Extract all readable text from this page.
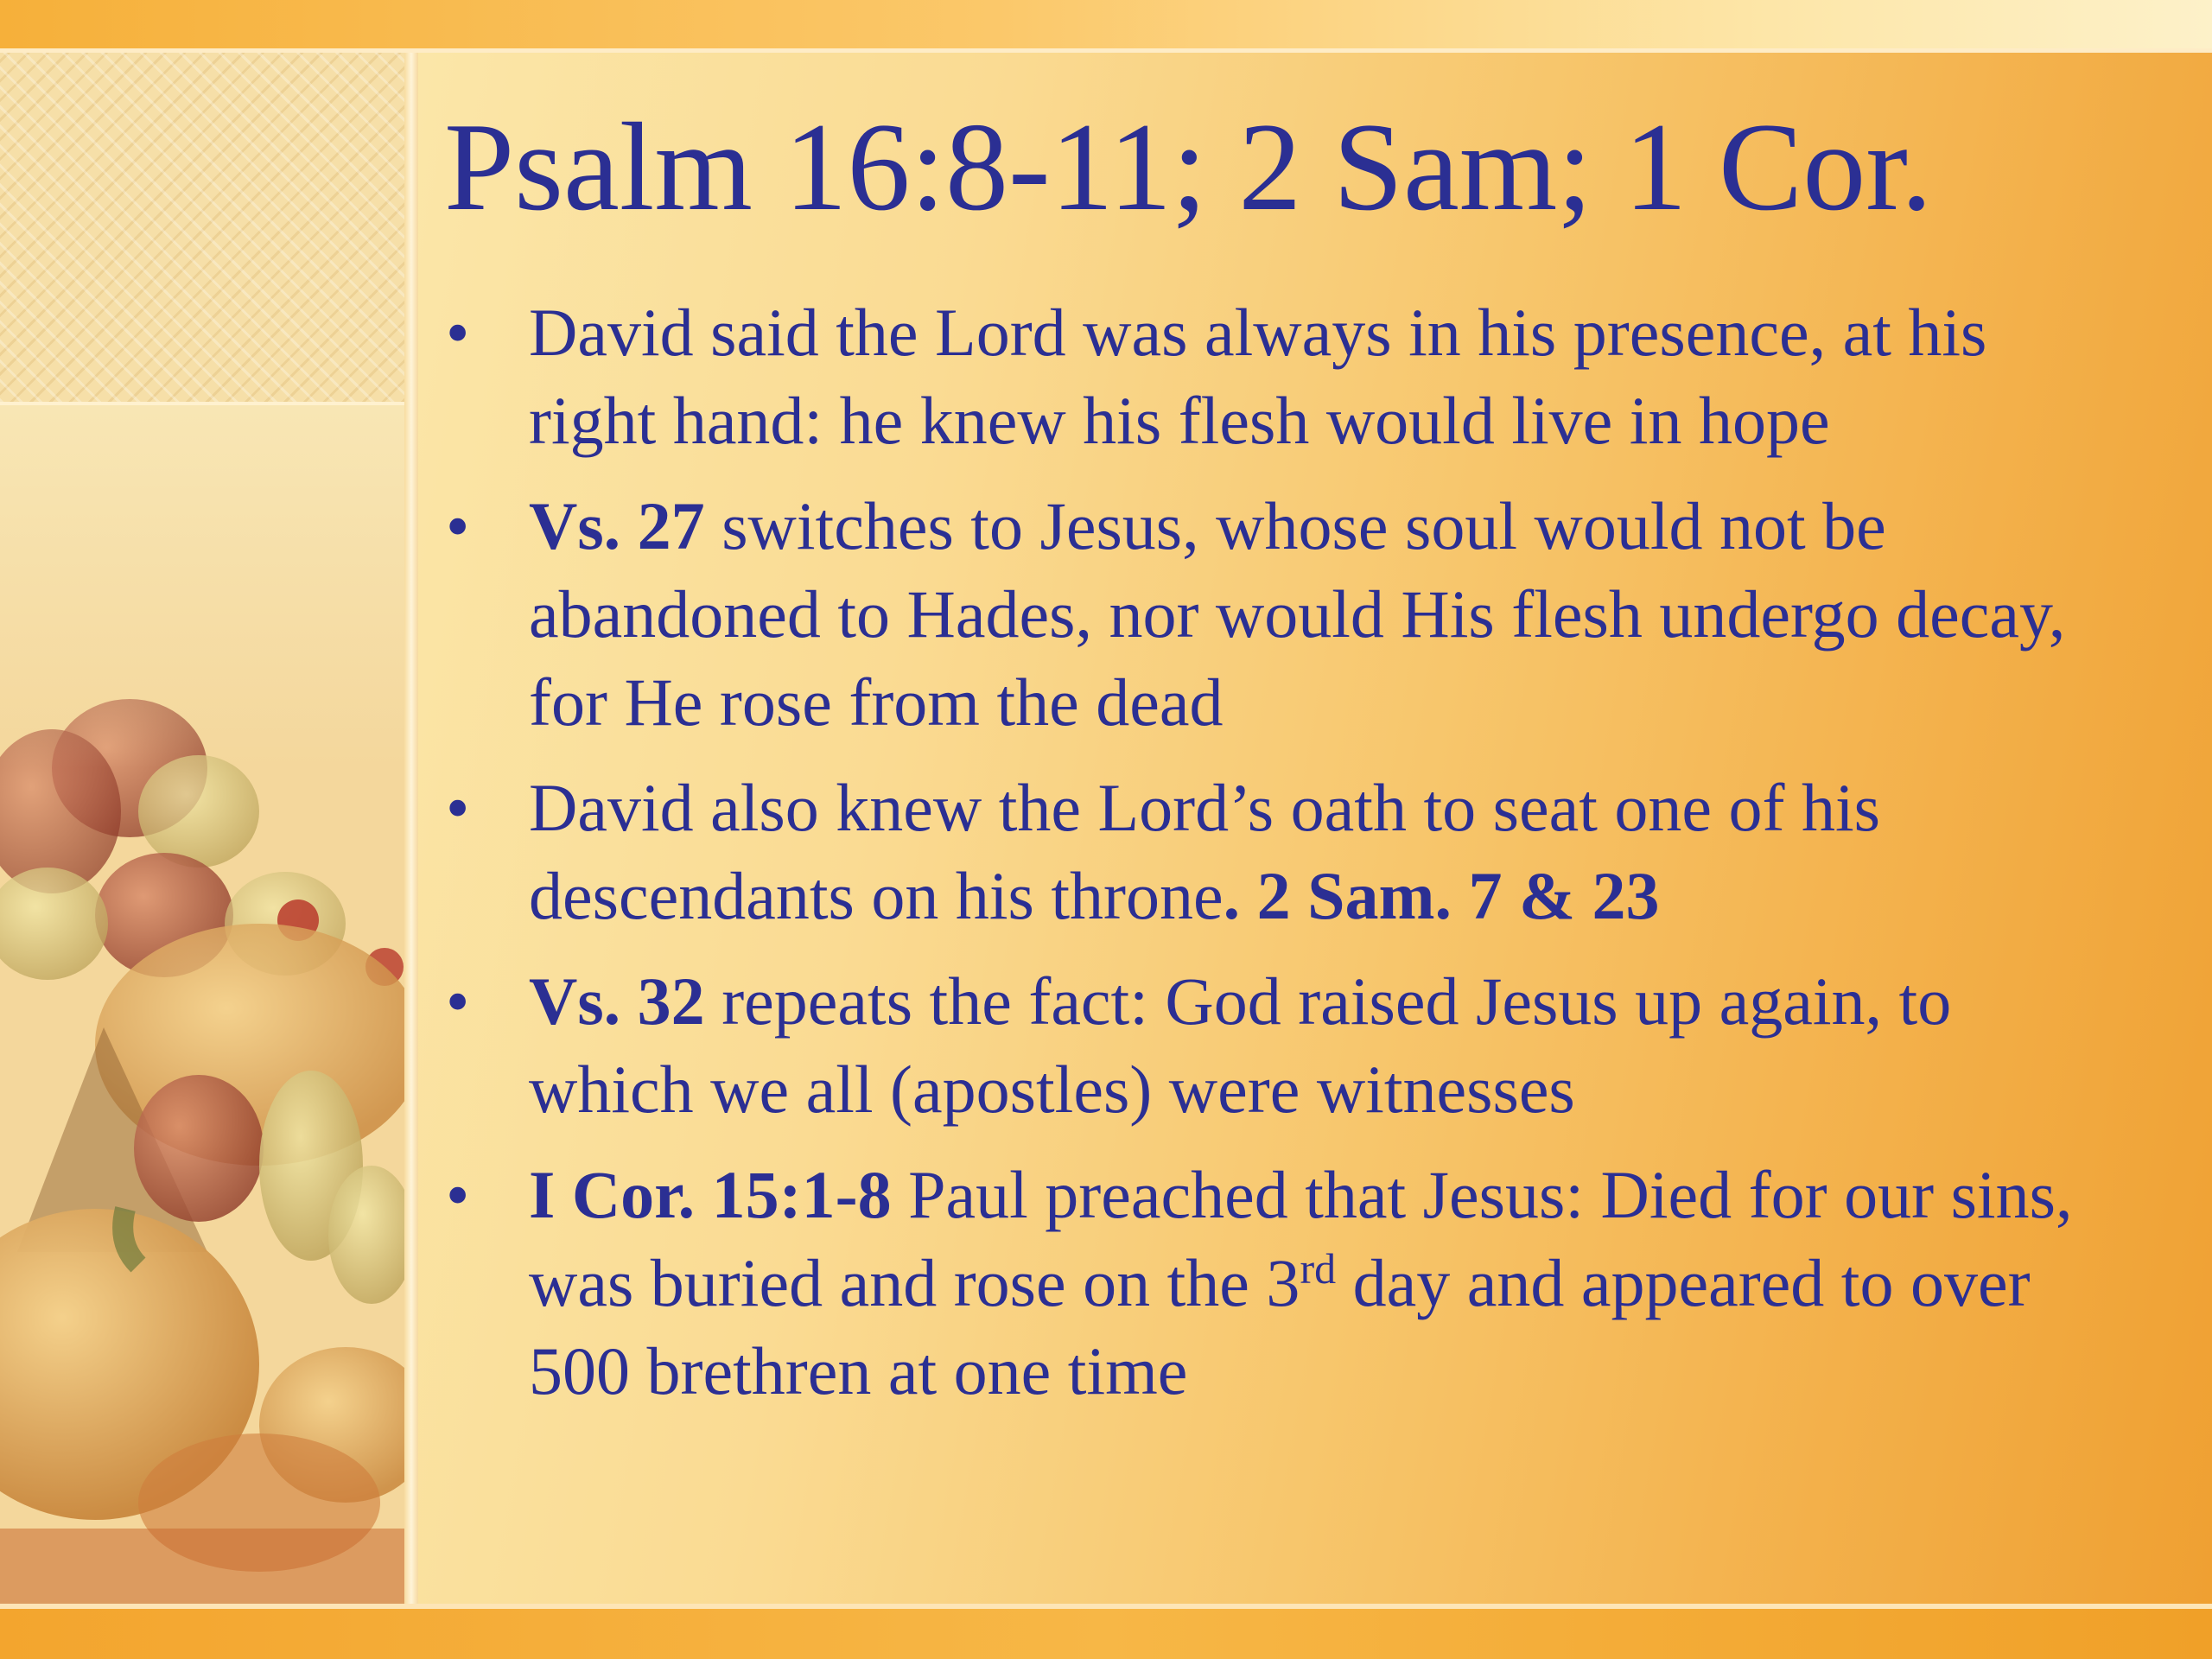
Psalm 16:8-11; 2 Sam; 1 Cor.
• David said the Lord was always in his presence, at his right hand: he knew his flesh would live in hope
• Vs. 27 switches to Jesus, whose soul would not be abandoned to Hades, nor would His flesh undergo decay, for He rose from the dead
• David also knew the Lord’s oath to seat one of his descendants on his throne. 2 Sam. 7 & 23
• Vs. 32 repeats the fact: God raised Jesus up again, to which we all (apostles) were witnesses
• I Cor. 15:1-8 Paul preached that Jesus: Died for our sins, was buried and rose on the 3rd day and appeared to over 500 brethren at one time
